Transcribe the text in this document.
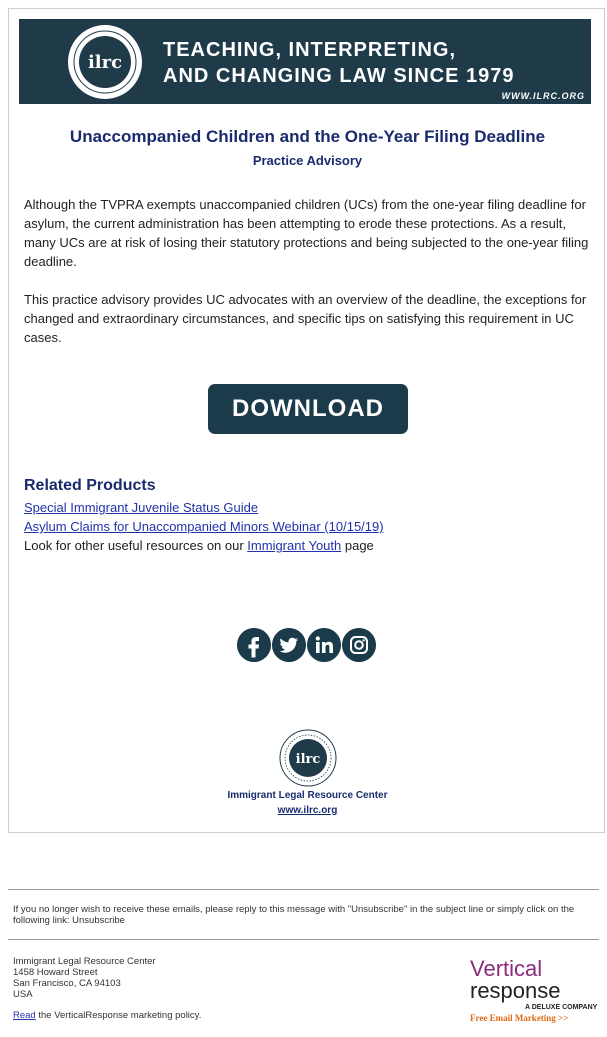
ilrc
TEACHING, INTERPRETING,
AND CHANGING LAW SINCE 1979
WWW.ILRC.ORG
Unaccompanied Children and the One-Year Filing Deadline
Practice Advisory
Although the TVPRA exempts unaccompanied children (UCs) from the one-year filing deadline for asylum, the current administration has been attempting to erode these protections. As a result, many UCs are at risk of losing their statutory protections and being subjected to the one-year filing deadline.
This practice advisory provides UC advocates with an overview of the deadline, the exceptions for changed and extraordinary circumstances, and specific tips on satisfying this requirement in UC cases.
DOWNLOAD
Related Products
Special Immigrant Juvenile Status Guide
Asylum Claims for Unaccompanied Minors Webinar (10/15/19)
Look for other useful resources on our Immigrant Youth page
ilrc
Immigrant Legal Resource Center
www.ilrc.org
If you no longer wish to receive these emails, please reply to this message with "Unsubscribe" in the subject line or simply click on the following link: Unsubscribe
Immigrant Legal Resource Center
1458 Howard Street
San Francisco, CA 94103
USA
Read the VerticalResponse marketing policy.
Vertical
response
A DELUXE COMPANY
Free Email Marketing >>
